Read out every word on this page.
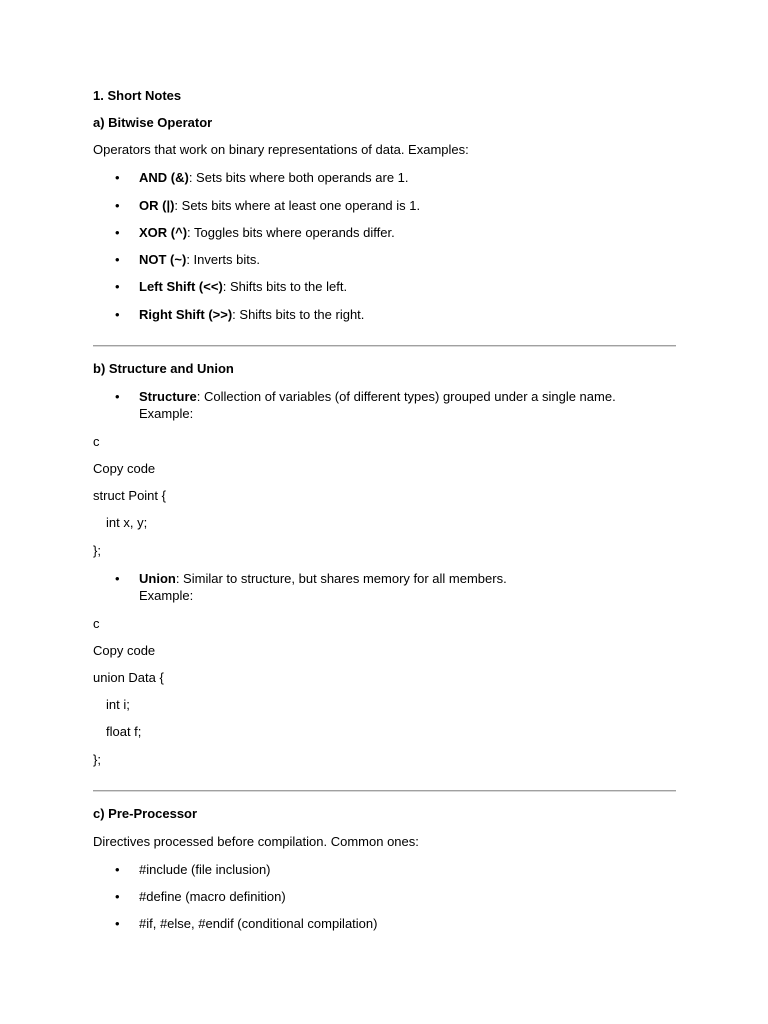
1. Short Notes
a) Bitwise Operator
Operators that work on binary representations of data. Examples:
•	AND (&): Sets bits where both operands are 1.
•	OR (|): Sets bits where at least one operand is 1.
•	XOR (^): Toggles bits where operands differ.
•	NOT (~): Inverts bits.
•	Left Shift (<<): Shifts bits to the left.
•	Right Shift (>>): Shifts bits to the right.
b) Structure and Union
•	Structure: Collection of variables (of different types) grouped under a single name.
Example:
c
Copy code
struct Point {
int x, y;
};
•	Union: Similar to structure, but shares memory for all members.
Example:
c
Copy code
union Data {
int i;
float f;
};
c) Pre-Processor
Directives processed before compilation. Common ones:
•	#include (file inclusion)
•	#define (macro definition)
•	#if, #else, #endif (conditional compilation)
